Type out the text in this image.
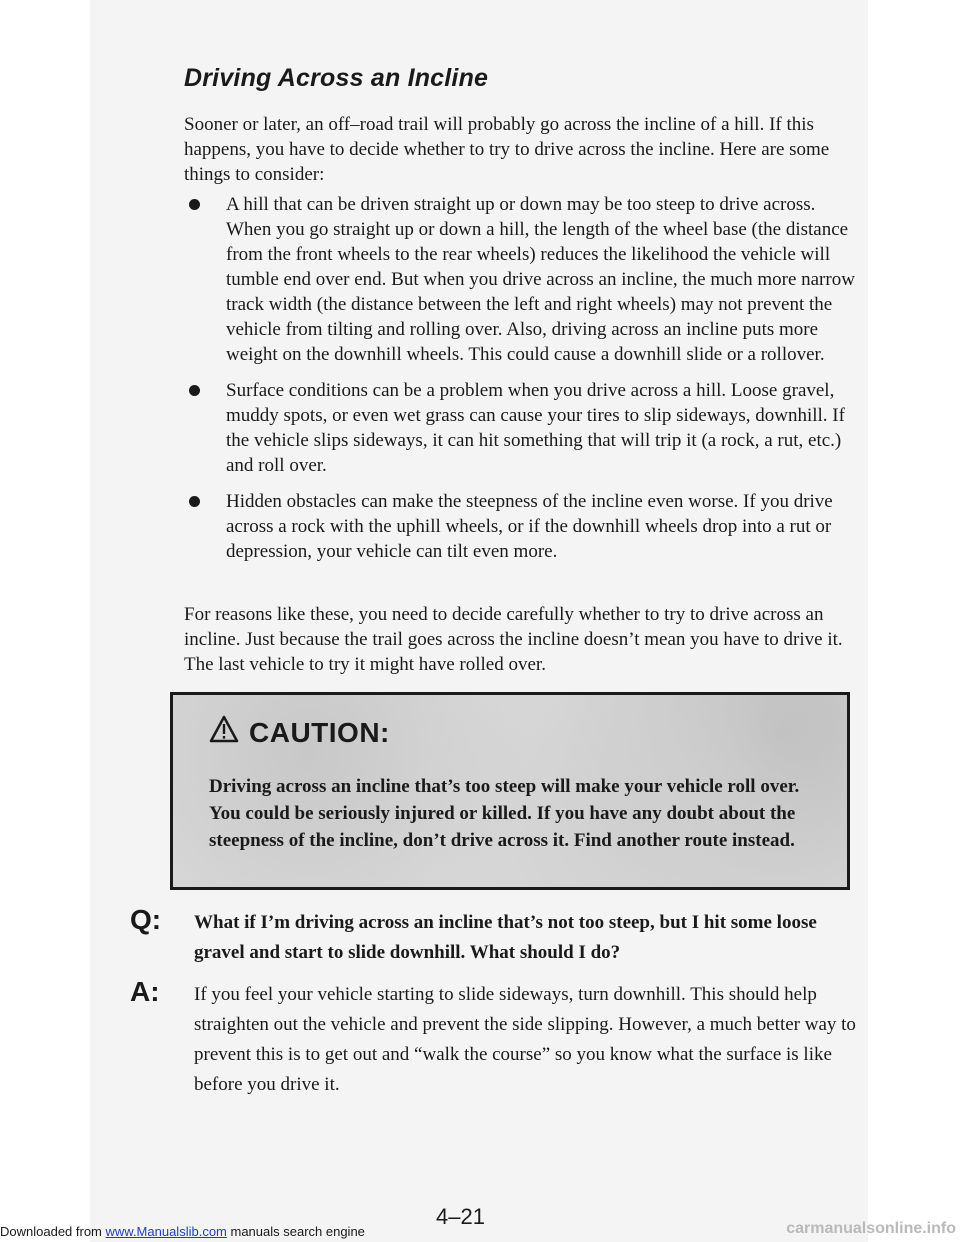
Driving Across an Incline

Sooner or later, an off–road trail will probably go across the incline of a hill. If this happens, you have to decide whether to try to drive across the incline. Here are some things to consider:

A hill that can be driven straight up or down may be too steep to drive across. When you go straight up or down a hill, the length of the wheel base (the distance from the front wheels to the rear wheels) reduces the likelihood the vehicle will tumble end over end. But when you drive across an incline, the much more narrow track width (the distance between the left and right wheels) may not prevent the vehicle from tilting and rolling over. Also, driving across an incline puts more weight on the downhill wheels. This could cause a downhill slide or a rollover.
Surface conditions can be a problem when you drive across a hill. Loose gravel, muddy spots, or even wet grass can cause your tires to slip sideways, downhill. If the vehicle slips sideways, it can hit something that will trip it (a rock, a rut, etc.) and roll over.
Hidden obstacles can make the steepness of the incline even worse. If you drive across a rock with the uphill wheels, or if the downhill wheels drop into a rut or depression, your vehicle can tilt even more.

For reasons like these, you need to decide carefully whether to try to drive across an incline. Just because the trail goes across the incline doesn’t mean you have to drive it. The last vehicle to try it might have rolled over.

CAUTION:

Driving across an incline that’s too steep will make your vehicle roll over. You could be seriously injured or killed. If you have any doubt about the steepness of the incline, don’t drive across it. Find another route instead.

Q: What if I’m driving across an incline that’s not too steep, but I hit some loose gravel and start to slide downhill. What should I do?
A: If you feel your vehicle starting to slide sideways, turn downhill. This should help straighten out the vehicle and prevent the side slipping. However, a much better way to prevent this is to get out and “walk the course” so you know what the surface is like before you drive it.
4–21
Downloaded from www.Manualslib.com manuals search engine	carmanualsonline.info
